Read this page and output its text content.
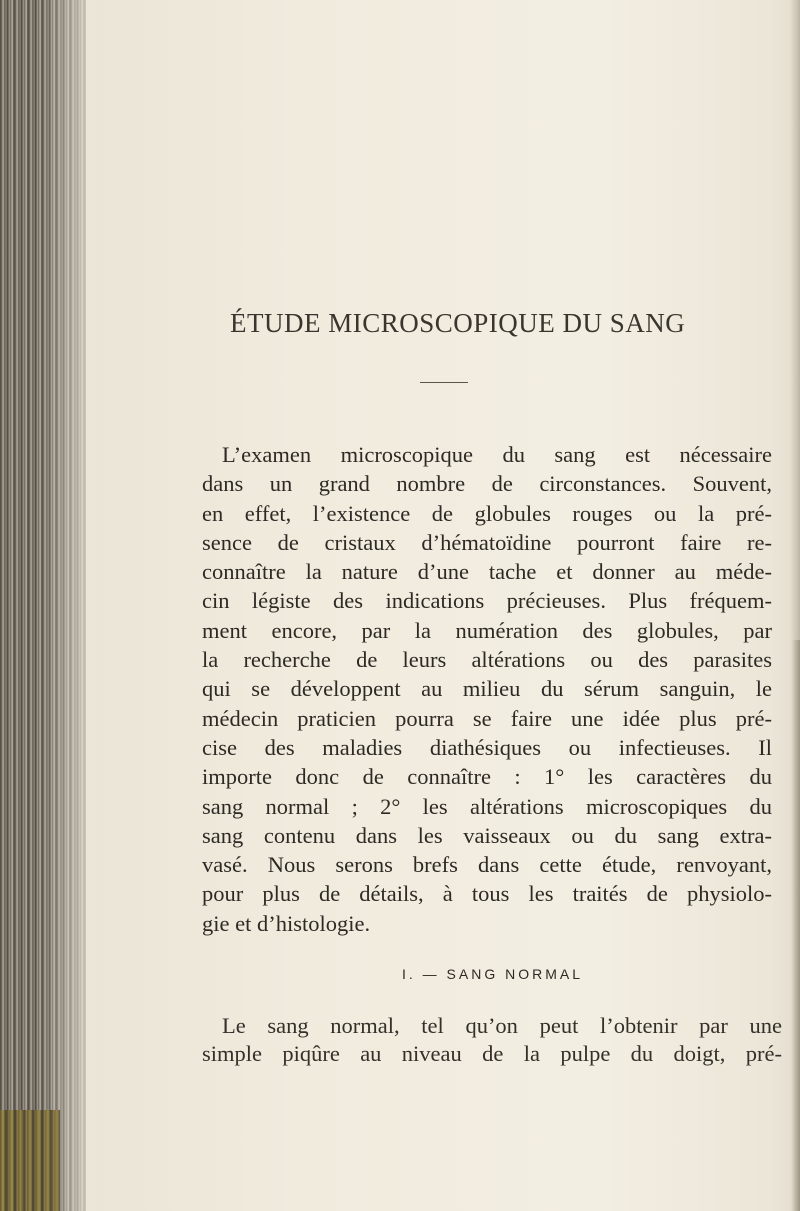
ÉTUDE MICROSCOPIQUE DU SANG

L’examen microscopique du sang est nécessaire
dans un grand nombre de circonstances. Souvent,
en effet, l’existence de globules rouges ou la pré-
sence de cristaux d’hématoïdine pourront faire re-
connaître la nature d’une tache et donner au méde-
cin légiste des indications précieuses. Plus fréquem-
ment encore, par la numération des globules, par
la recherche de leurs altérations ou des parasites
qui se développent au milieu du sérum sanguin, le
médecin praticien pourra se faire une idée plus pré-
cise des maladies diathésiques ou infectieuses. Il
importe donc de connaître : 1° les caractères du
sang normal ; 2° les altérations microscopiques du
sang contenu dans les vaisseaux ou du sang extra-
vasé. Nous serons brefs dans cette étude, renvoyant,
pour plus de détails, à tous les traités de physiolo-
gie et d’histologie.

I. — SANG NORMAL

Le sang normal, tel qu’on peut l’obtenir par une
simple piqûre au niveau de la pulpe du doigt, pré-
